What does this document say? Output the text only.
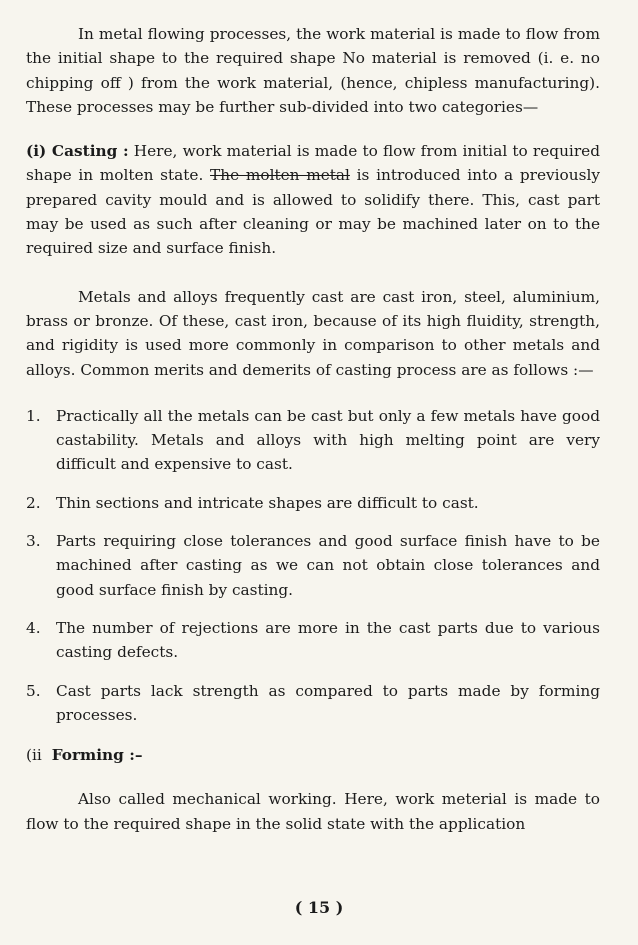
In metal flowing processes, the work material is made to flow from the initial shape to the required shape No material is removed (i. e. no chipping off ) from the work material, (hence, chipless manufacturing). These processes may be further sub-divided into two categories—

(i) Casting : Here, work material is made to flow from initial to required shape in molten state. The molten metal is introduced into a previously prepared cavity mould and is allowed to solidify there. This, cast part may be used as such after cleaning or may be machined later on to the required size and surface finish.

Metals and alloys frequently cast are cast iron, steel, aluminium, brass or bronze. Of these, cast iron, because of its high fluidity, strength, and rigidity is used more commonly in comparison to other metals and alloys. Common merits and demerits of casting process are as follows :—

1.	Practically all the metals can be cast but only a few metals have good castability. Metals and alloys with high melting point are very difficult and expensive to cast.
2.	Thin sections and intricate shapes are difficult to cast.
3.	Parts requiring close tolerances and good surface finish have to be machined after casting as we can not obtain close tolerances and good surface finish by casting.
4.	The number of rejections are more in the cast parts due to various casting defects.
5.	Cast parts lack strength as compared to parts made by forming processes.

(ii Forming :–

Also called mechanical working. Here, work meterial is made to flow to the required shape in the solid state with the application

( 15 )
